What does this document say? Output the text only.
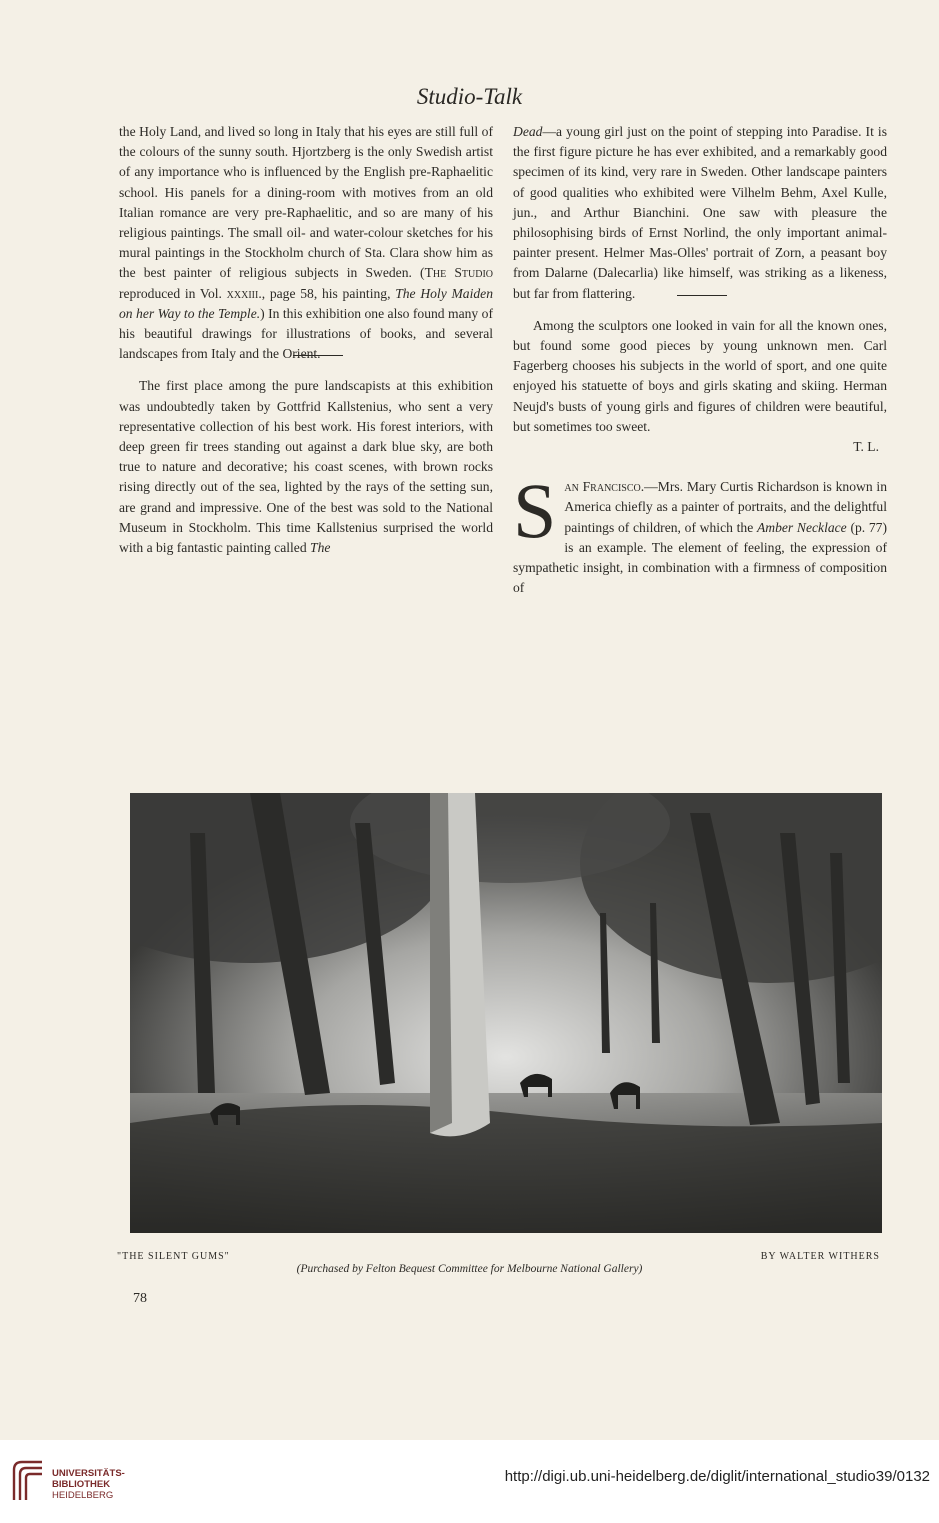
Studio-Talk

the Holy Land, and lived so long in Italy that his eyes are still full of the colours of the sunny south. Hjortzberg is the only Swedish artist of any importance who is influenced by the English pre-Raphaelitic school. His panels for a dining-room with motives from an old Italian romance are very pre-Raphaelitic, and so are many of his religious paintings. The small oil- and water-colour sketches for his mural paintings in the Stockholm church of Sta. Clara show him as the best painter of religious subjects in Sweden. (The Studio reproduced in Vol. xxxiii., page 58, his painting, The Holy Maiden on her Way to the Temple.) In this exhibition one also found many of his beautiful drawings for illustrations of books, and several landscapes from Italy and the Orient.

The first place among the pure landscapists at this exhibition was undoubtedly taken by Gottfrid Kallstenius, who sent a very representative collection of his best work. His forest interiors, with deep green fir trees standing out against a dark blue sky, are both true to nature and decorative; his coast scenes, with brown rocks rising directly out of the sea, lighted by the rays of the setting sun, are grand and impressive. One of the best was sold to the National Museum in Stockholm. This time Kallstenius surprised the world with a big fantastic painting called The

Dead—a young girl just on the point of stepping into Paradise. It is the first figure picture he has ever exhibited, and a remarkably good specimen of its kind, very rare in Sweden. Other landscape painters of good qualities who exhibited were Vilhelm Behm, Axel Kulle, jun., and Arthur Bianchini. One saw with pleasure the philosophising birds of Ernst Norlind, the only important animal-painter present. Helmer Mas-Olles' portrait of Zorn, a peasant boy from Dalarne (Dalecarlia) like himself, was striking as a likeness, but far from flattering.

Among the sculptors one looked in vain for all the known ones, but found some good pieces by young unknown men. Carl Fagerberg chooses his subjects in the world of sport, and one quite enjoyed his statuette of boys and girls skating and skiing. Herman Neujd's busts of young girls and figures of children were beautiful, but sometimes too sweet.

T. L.

San Francisco.—Mrs. Mary Curtis Richardson is known in America chiefly as a painter of portraits, and the delightful paintings of children, of which the Amber Necklace (p. 77) is an example. The element of feeling, the expression of sympathetic insight, in combination with a firmness of composition of

"THE SILENT GUMS"	BY WALTER WITHERS
(Purchased by Felton Bequest Committee for Melbourne National Gallery)
78
UNIVERSITÄTS-
BIBLIOTHEK
HEIDELBERG
http://digi.ub.uni-heidelberg.de/diglit/international_studio39/0132
